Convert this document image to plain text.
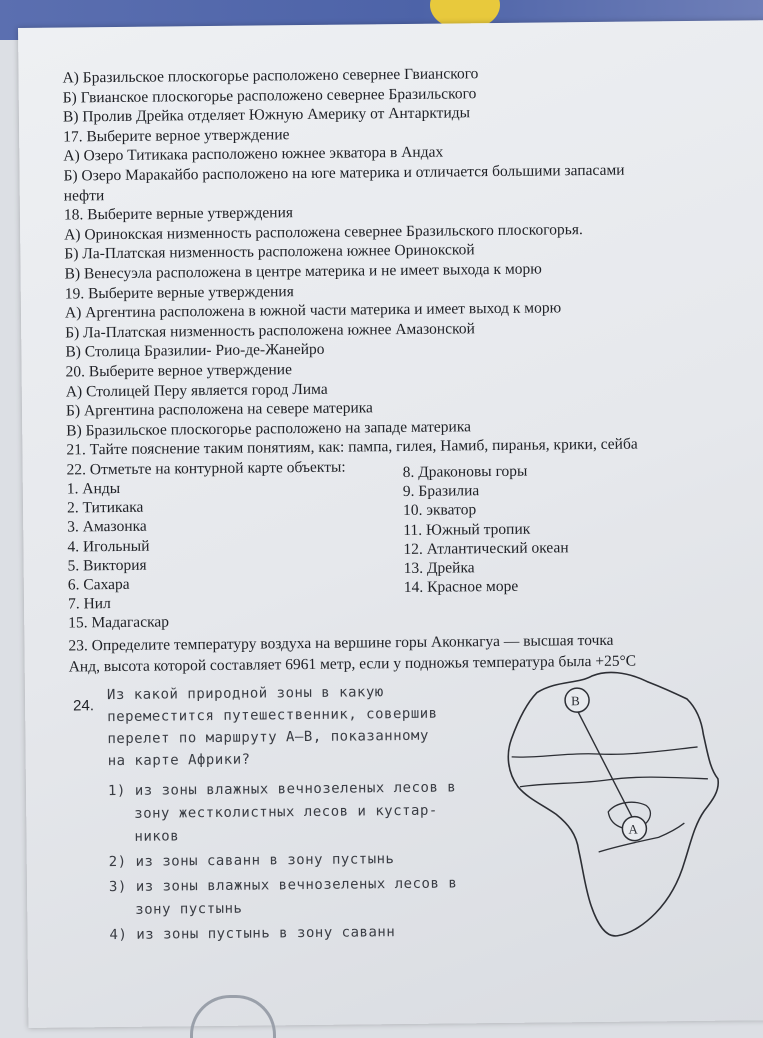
А) Бразильское плоскогорье расположено севернее Гвианского
Б) Гвианское плоскогорье расположено севернее Бразильского
В) Пролив Дрейка отделяет Южную Америку от Антарктиды
17. Выберите верное утверждение
А) Озеро Титикака расположено южнее экватора в Андах
Б) Озеро Маракайбо расположено на юге материка и отличается большими запасами
нефти
18. Выберите верные утверждения
А) Оринокская низменность расположена севернее Бразильского плоскогорья.
Б) Ла-Платская низменность расположена южнее Оринокской
В) Венесуэла расположена в центре материка и не имеет выхода к морю
19. Выберите верные утверждения
А) Аргентина расположена в южной части материка и имеет выход к морю
Б) Ла-Платская низменность расположена южнее Амазонской
В) Столица Бразилии- Рио-де-Жанейро
20. Выберите верное утверждение
А) Столицей Перу является город Лима
Б) Аргентина расположена на севере материка
В) Бразильское плоскогорье расположено на западе материка
21. Тайте пояснение таким понятиям, как: пампа, гилея, Намиб, пиранья, крики, сейба
22. Отметьте на контурной карте объекты:
1. Анды
2. Титикака
3. Амазонка
4. Игольный
5. Виктория
6. Сахара
7. Нил
15. Мадагаскар
8. Драконовы горы
9. Бразилиа
10. экватор
11. Южный тропик
12. Атлантический океан
13. Дрейка
14. Красное море
23. Определите температуру воздуха на вершине горы Аконкагуа — высшая точка
Анд, высота которой составляет 6961 метр, если у подножья температура была +25°С
24.
Из какой природной зоны в какую
переместится путешественник, совершив
перелет по маршруту А–В, показанному
на карте Африки?
1) из зоны влажных вечнозеленых лесов в
зону жестколистных лесов и кустар-
ников
2) из зоны саванн в зону пустынь
3) из зоны влажных вечнозеленых лесов в
зону пустынь
4) из зоны пустынь в зону саванн
B
A
